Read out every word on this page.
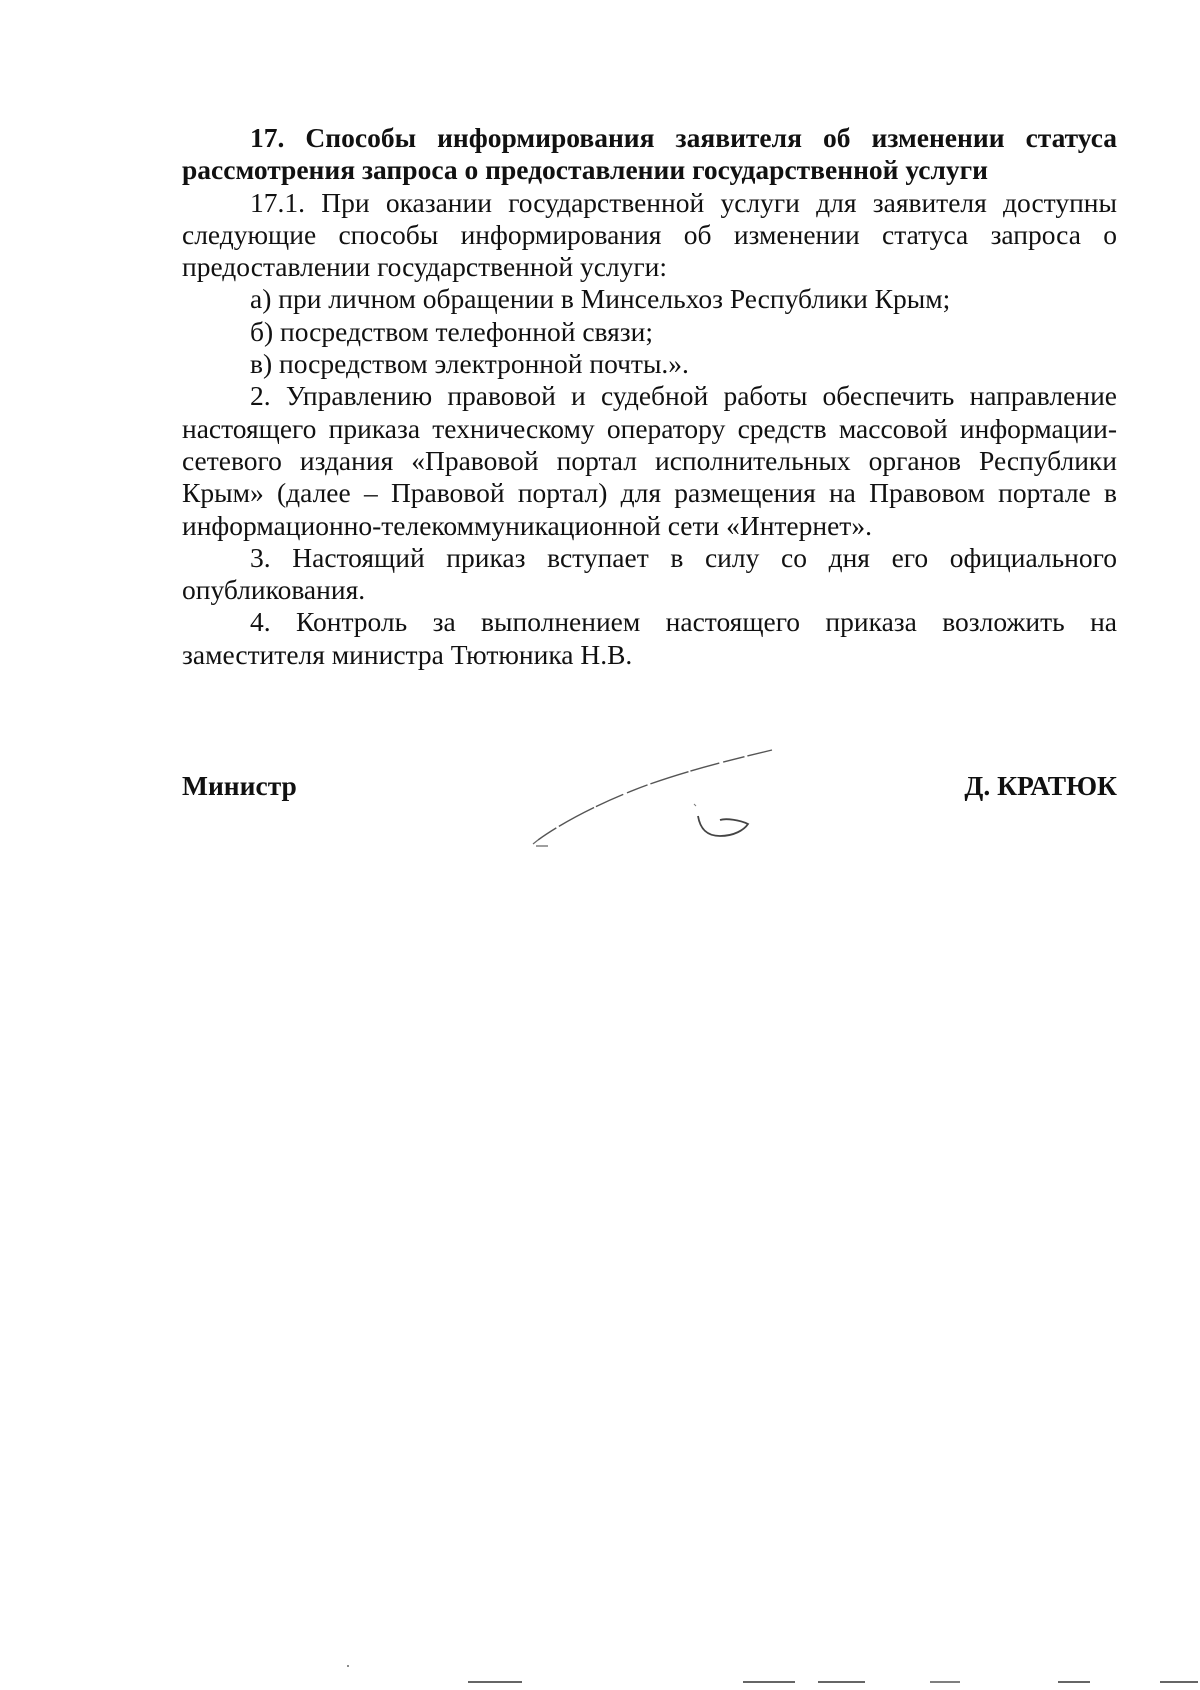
17. Способы информирования заявителя об изменении статуса рассмотрения запроса о предоставлении государственной услуги

17.1. При оказании государственной услуги для заявителя доступны следующие способы информирования об изменении статуса запроса о предоставлении государственной услуги:

а) при личном обращении в Минсельхоз Республики Крым;

б) посредством телефонной связи;

в) посредством электронной почты.».

2. Управлению правовой и судебной работы обеспечить направление настоящего приказа техническому оператору средств массовой информации-сетевого издания «Правовой портал исполнительных органов Республики Крым» (далее – Правовой портал) для размещения на Правовом портале в информационно-телекоммуникационной сети «Интернет».

3. Настоящий приказ вступает в силу со дня его официального опубликования.

4. Контроль за выполнением настоящего приказа возложить на заместителя министра Тютюника Н.В.

Министр	Д. КРАТЮК
